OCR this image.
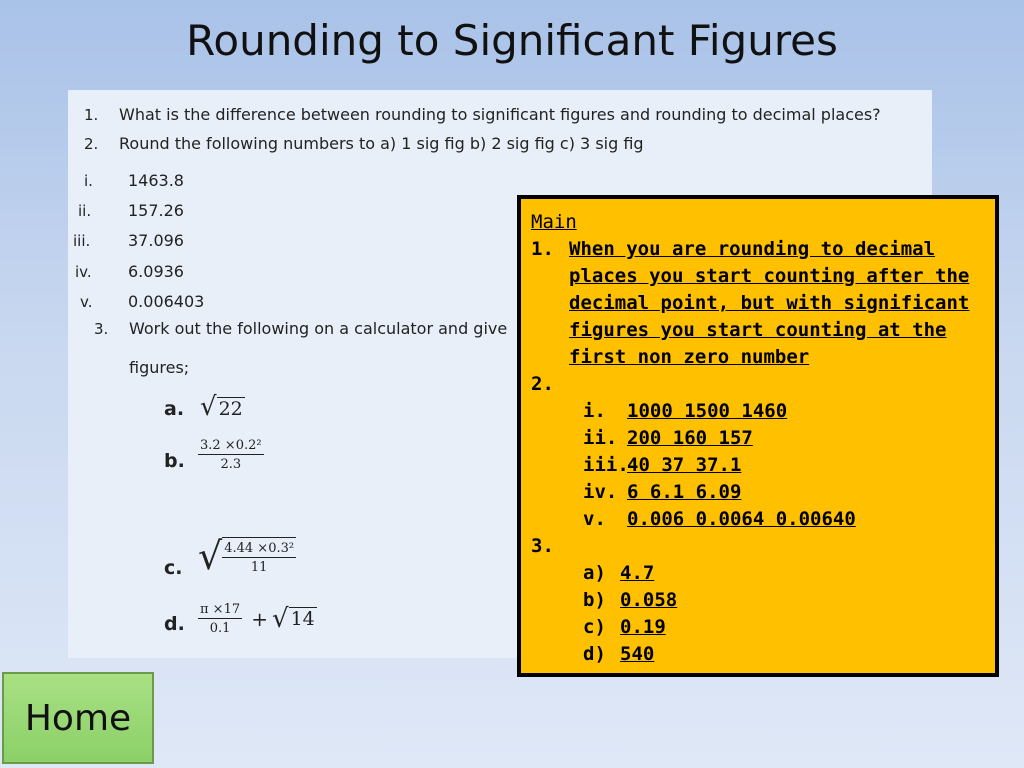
Rounding to Significant Figures
1. What is the difference between rounding to significant figures and rounding to decimal places?
2. Round the following numbers to a) 1 sig fig b) 2 sig fig c) 3 sig fig
i. 1463.8
ii. 157.26
iii. 37.096
iv. 6.0936
v. 0.006403
3. Work out the following on a calculator and give
figures;
a. √ 22
b. $\frac{\text{3.2 ×0.2²}}{2.3}$
c. √ $\frac{\text{4.44 ×0.3²}}{11}$
d. $\frac{\pi \times 17}{0.1}$ + √ 14
Main
1. When you are rounding to decimal
places you start counting after the
decimal point, but with significant
figures you start counting at the
first non zero number
2.
i. 1000 1500 1460
ii. 200 160 157
iii.
40 37 37.1
iv. 6 6.1 6.09
v. 0.006 0.0064 0.00640
3.
a) 4.7
b) 0.058
c) 0.19
d) 540
Home
